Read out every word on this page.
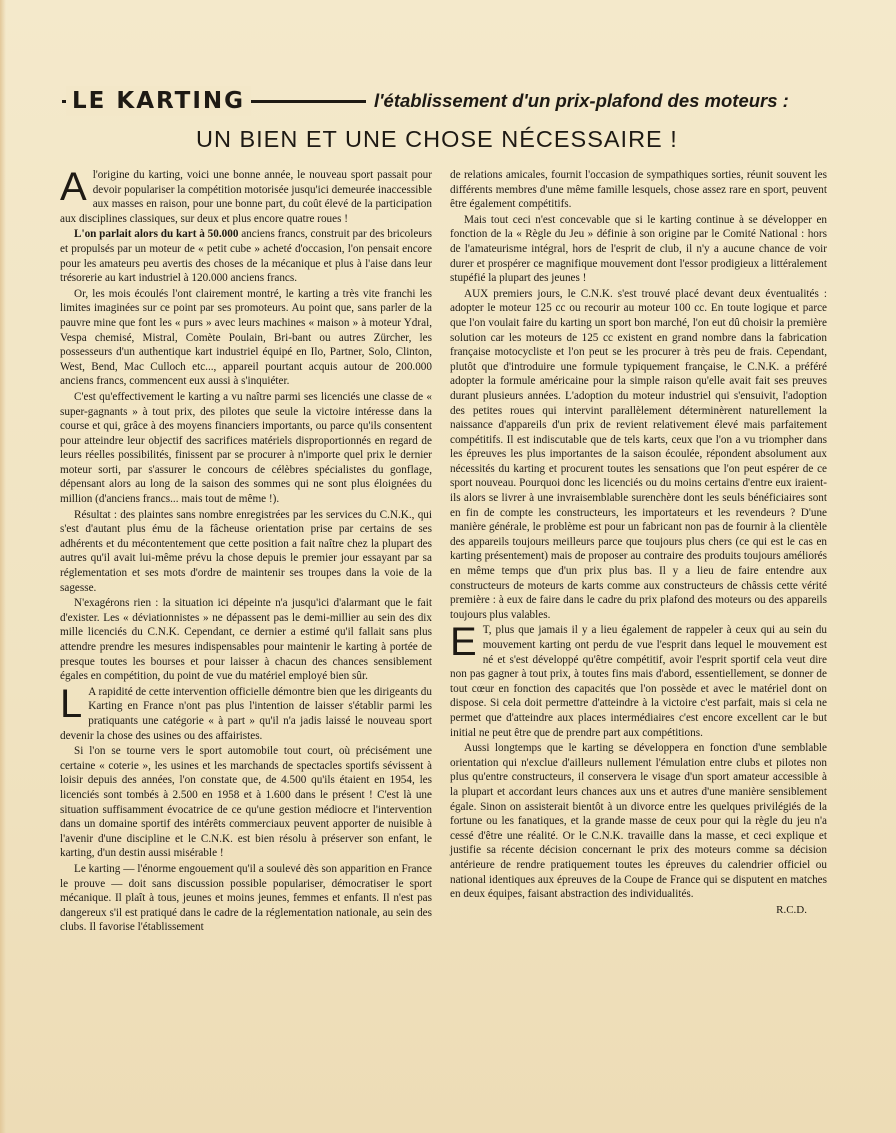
LE KARTING	l'établissement d'un prix-plafond des moteurs :
UN BIEN ET UNE CHOSE NÉCESSAIRE !

Al'origine du karting, voici une bonne année, le nouveau sport passait pour devoir populariser la compétition motorisée jusqu'ici demeurée inaccessible aux masses en raison, pour une bonne part, du coût élevé de la participation aux disciplines classiques, sur deux et plus encore quatre roues !

L'on parlait alors du kart à 50.000 anciens francs, construit par des bricoleurs et propulsés par un moteur de « petit cube » acheté d'occasion, l'on pensait encore pour les amateurs peu avertis des choses de la mécanique et plus à l'aise dans leur trésorerie au kart industriel à 120.000 anciens francs.

Or, les mois écoulés l'ont clairement montré, le karting a très vite franchi les limites imaginées sur ce point par ses promoteurs. Au point que, sans parler de la pauvre mine que font les « purs » avec leurs machines « maison » à moteur Ydral, Vespa chemisé, Mistral, Comète Poulain, Bri-bant ou autres Zürcher, les possesseurs d'un authentique kart industriel équipé en Ilo, Partner, Solo, Clinton, West, Bend, Mac Culloch etc..., appareil pourtant acquis autour de 200.000 anciens francs, commencent eux aussi à s'inquiéter.

C'est qu'effectivement le karting a vu naître parmi ses licenciés une classe de « super-gagnants » à tout prix, des pilotes que seule la victoire intéresse dans la course et qui, grâce à des moyens financiers importants, ou parce qu'ils consentent pour atteindre leur objectif des sacrifices matériels disproportionnés en regard de leurs réelles possibilités, finissent par se procurer à n'importe quel prix le dernier moteur sorti, par s'assurer le concours de célèbres spécialistes du gonflage, dépensant alors au long de la saison des sommes qui ne sont plus éloignées du million (d'anciens francs... mais tout de même !).

Résultat : des plaintes sans nombre enregistrées par les services du C.N.K., qui s'est d'autant plus ému de la fâcheuse orientation prise par certains de ses adhérents et du mécontentement que cette position a fait naître chez la plupart des autres qu'il avait lui-même prévu la chose depuis le premier jour essayant par sa réglementation et ses mots d'ordre de maintenir ses troupes dans la voie de la sagesse.

N'exagérons rien : la situation ici dépeinte n'a jusqu'ici d'alarmant que le fait d'exister. Les « déviationnistes » ne dépassent pas le demi-millier au sein des dix mille licenciés du C.N.K. Cependant, ce dernier a estimé qu'il fallait sans plus attendre prendre les mesures indispensables pour maintenir le karting à portée de presque toutes les bourses et pour laisser à chacun des chances sensiblement égales en compétition, du point de vue du matériel employé bien sûr.

L A rapidité de cette intervention officielle démontre bien que les dirigeants du Karting en France n'ont pas plus l'intention de laisser s'établir parmi les pratiquants une catégorie « à part » qu'il n'a jadis laissé le nouveau sport devenir la chose des usines ou des affairistes.

Si l'on se tourne vers le sport automobile tout court, où précisément une certaine « coterie », les usines et les marchands de spectacles sportifs sévissent à loisir depuis des années, l'on constate que, de 4.500 qu'ils étaient en 1954, les licenciés sont tombés à 2.500 en 1958 et à 1.600 dans le présent ! C'est là une situation suffisamment évocatrice de ce qu'une gestion médiocre et l'intervention dans un domaine sportif des intérêts commerciaux peuvent apporter de nuisible à l'avenir d'une discipline et le C.N.K. est bien résolu à préserver son enfant, le karting, d'un destin aussi misérable !

Le karting — l'énorme engouement qu'il a soulevé dès son apparition en France le prouve — doit sans discussion possible populariser, démocratiser le sport mécanique. Il plaît à tous, jeunes et moins jeunes, femmes et enfants. Il n'est pas dangereux s'il est pratiqué dans le cadre de la réglementation nationale, au sein des clubs. Il favorise l'établissement

de relations amicales, fournit l'occasion de sympathiques sorties, réunit souvent les différents membres d'une même famille lesquels, chose assez rare en sport, peuvent être également compétitifs.

Mais tout ceci n'est concevable que si le karting continue à se développer en fonction de la « Règle du Jeu » définie à son origine par le Comité National : hors de l'amateurisme intégral, hors de l'esprit de club, il n'y a aucune chance de voir durer et prospérer ce magnifique mouvement dont l'essor prodigieux a littéralement stupéfié la plupart des jeunes !

AUX premiers jours, le C.N.K. s'est trouvé placé devant deux éventualités : adopter le moteur 125 cc ou recourir au moteur 100 cc. En toute logique et parce que l'on voulait faire du karting un sport bon marché, l'on eut dû choisir la première solution car les moteurs de 125 cc existent en grand nombre dans la fabrication française motocycliste et l'on peut se les procurer à très peu de frais. Cependant, plutôt que d'introduire une formule typiquement française, le C.N.K. a préféré adopter la formule américaine pour la simple raison qu'elle avait fait ses preuves durant plusieurs années. L'adoption du moteur industriel qui s'ensuivit, l'adoption des petites roues qui intervint parallèlement déterminèrent naturellement la naissance d'appareils d'un prix de revient relativement élevé mais parfaitement compétitifs. Il est indiscutable que de tels karts, ceux que l'on a vu triompher dans les épreuves les plus importantes de la saison écoulée, répondent absolument aux nécessités du karting et procurent toutes les sensations que l'on peut espérer de ce sport nouveau. Pourquoi donc les licenciés ou du moins certains d'entre eux iraient-ils alors se livrer à une invraisemblable surenchère dont les seuls bénéficiaires sont en fin de compte les constructeurs, les importateurs et les revendeurs ? D'une manière générale, le problème est pour un fabricant non pas de fournir à la clientèle des appareils toujours meilleurs parce que toujours plus chers (ce qui est le cas en karting présentement) mais de proposer au contraire des produits toujours améliorés en même temps que d'un prix plus bas. Il y a lieu de faire entendre aux constructeurs de moteurs de karts comme aux constructeurs de châssis cette vérité première : à eux de faire dans le cadre du prix plafond des moteurs ou des appareils toujours plus valables.

E T, plus que jamais il y a lieu également de rappeler à ceux qui au sein du mouvement karting ont perdu de vue l'esprit dans lequel le mouvement est né et s'est développé qu'être compétitif, avoir l'esprit sportif cela veut dire non pas gagner à tout prix, à toutes fins mais d'abord, essentiellement, se donner de tout cœur en fonction des capacités que l'on possède et avec le matériel dont on dispose. Si cela doit permettre d'atteindre à la victoire c'est parfait, mais si cela ne permet que d'atteindre aux places intermédiaires c'est encore excellent car le but initial ne peut être que de prendre part aux compétitions.

Aussi longtemps que le karting se développera en fonction d'une semblable orientation qui n'exclue d'ailleurs nullement l'émulation entre clubs et pilotes non plus qu'entre constructeurs, il conservera le visage d'un sport amateur accessible à la plupart et accordant leurs chances aux uns et autres d'une manière sensiblement égale. Sinon on assisterait bientôt à un divorce entre les quelques privilégiés de la fortune ou les fanatiques, et la grande masse de ceux pour qui la règle du jeu n'a cessé d'être une réalité. Or le C.N.K. travaille dans la masse, et ceci explique et justifie sa récente décision concernant le prix des moteurs comme sa décision antérieure de rendre pratiquement toutes les épreuves du calendrier officiel ou national identiques aux épreuves de la Coupe de France qui se disputent en matches en deux équipes, faisant abstraction des individualités.

R.C.D.
